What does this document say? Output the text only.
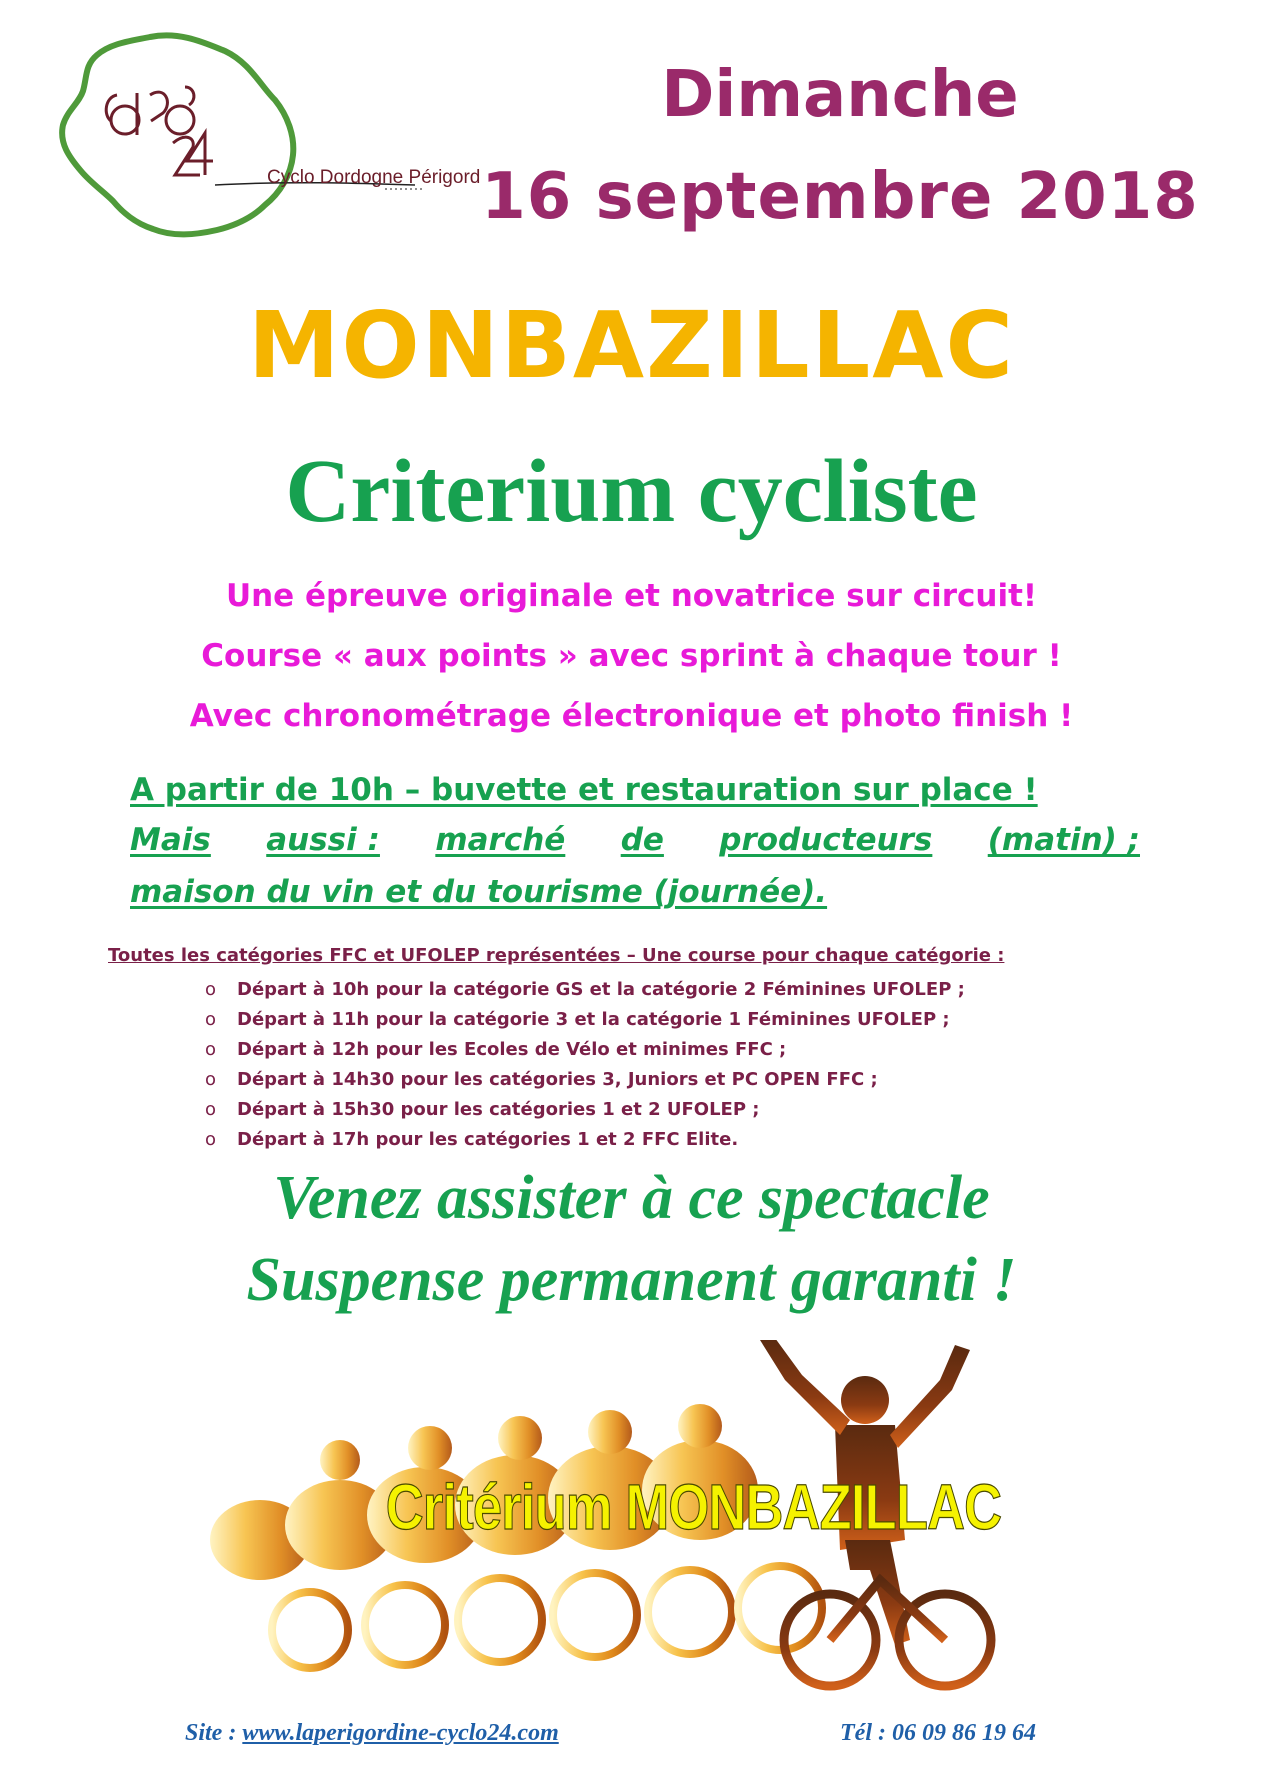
Cyclo Dordogne Périgord
Dimanche
16 septembre 2018
MONBAZILLAC
Criterium cycliste
Une épreuve originale et novatrice sur circuit!
Course « aux points » avec sprint à chaque tour !
Avec chronométrage électronique et photo finish !
A partir de 10h – buvette et restauration sur place !
Mais aussi : marché de producteurs (matin) ;
maison du vin et du tourisme (journée).
Toutes les catégories FFC et UFOLEP représentées – Une course pour chaque catégorie :
o Départ à 10h pour la catégorie GS et la catégorie 2 Féminines UFOLEP ;
o Départ à 11h pour la catégorie 3 et la catégorie 1 Féminines UFOLEP ;
o Départ à 12h pour les Ecoles de Vélo et minimes FFC ;
o Départ à 14h30 pour les catégories 3, Juniors et PC OPEN FFC ;
o Départ à 15h30 pour les catégories 1 et 2 UFOLEP ;
o Départ à 17h pour les catégories 1 et 2 FFC Elite.
Venez assister à ce spectacle
Suspense permanent garanti !
Critérium MONBAZILLAC
Site : www.laperigordine-cyclo24.com	Tél : 06 09 86 19 64
